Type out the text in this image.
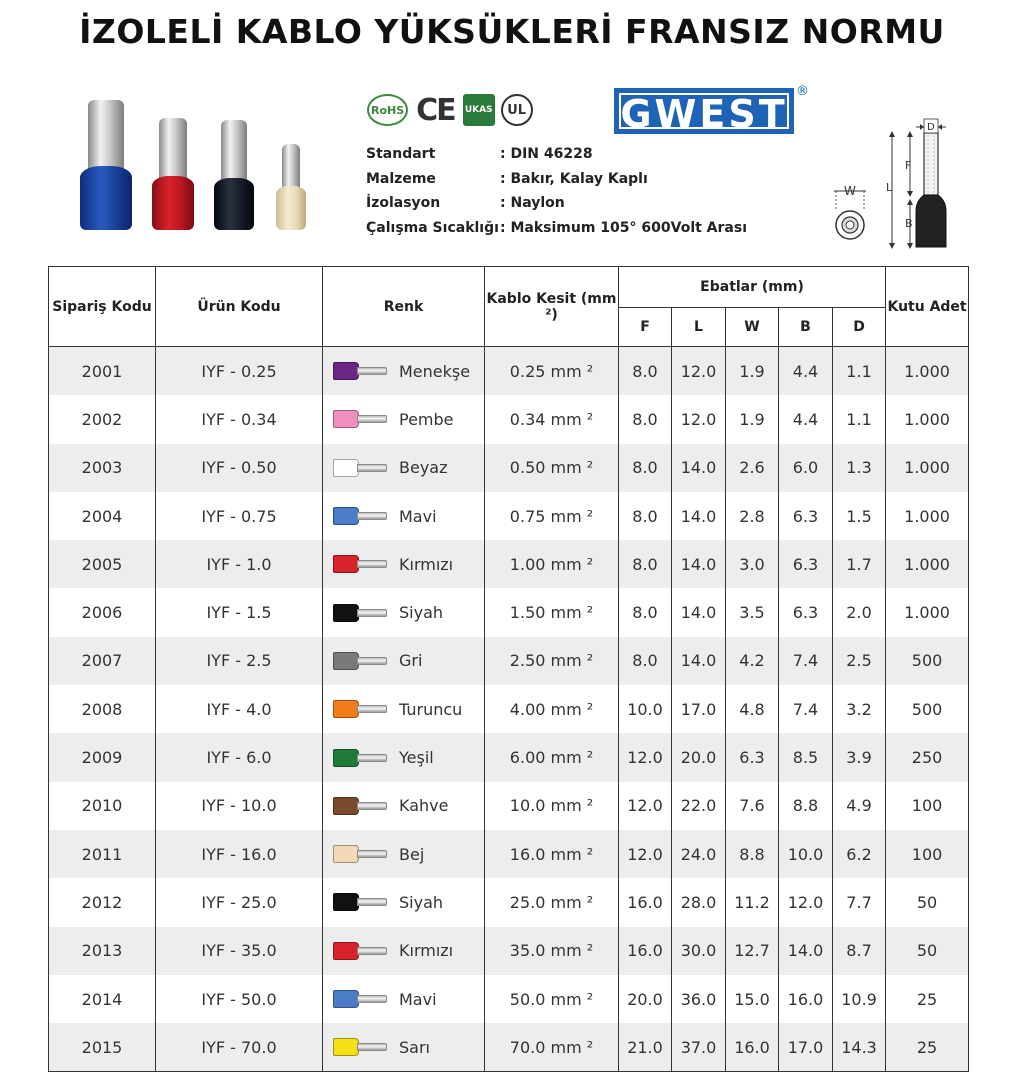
İZOLELİ KABLO YÜKSÜKLERİ FRANSIZ NORMU
RoHS CE UKAS	UL GWEST
®
Standart	: DIN 46228
Malzeme	: Bakır, Kalay Kaplı
İzolasyon	: Naylon
Çalışma Sıcaklığı : Maksimum 105° 600Volt Arası
W	L
F
B
D
Sipariş Kodu	Ürün Kodu	Renk	Kablo Kesit (mm ²)	Ebatlar (mm)					Kutu Adet
				F	L	W	B	D	
2001	IYF - 0.25	Menekşe	0.25 mm ²	8.0	12.0	1.9	4.4	1.1	1.000
2002	IYF - 0.34	Pembe	0.34 mm ²	8.0	12.0	1.9	4.4	1.1	1.000
2003	IYF - 0.50	Beyaz	0.50 mm ²	8.0	14.0	2.6	6.0	1.3	1.000
2004	IYF - 0.75	Mavi	0.75 mm ²	8.0	14.0	2.8	6.3	1.5	1.000
2005	IYF - 1.0	Kırmızı	1.00 mm ²	8.0	14.0	3.0	6.3	1.7	1.000
2006	IYF - 1.5	Siyah	1.50 mm ²	8.0	14.0	3.5	6.3	2.0	1.000
2007	IYF - 2.5	Gri	2.50 mm ²	8.0	14.0	4.2	7.4	2.5	500
2008	IYF - 4.0	Turuncu	4.00 mm ²	10.0	17.0	4.8	7.4	3.2	500
2009	IYF - 6.0	Yeşil	6.00 mm ²	12.0	20.0	6.3	8.5	3.9	250
2010	IYF - 10.0	Kahve	10.0 mm ²	12.0	22.0	7.6	8.8	4.9	100
2011	IYF - 16.0	Bej	16.0 mm ²	12.0	24.0	8.8	10.0	6.2	100
2012	IYF - 25.0	Siyah	25.0 mm ²	16.0	28.0	11.2	12.0	7.7	50
2013	IYF - 35.0	Kırmızı	35.0 mm ²	16.0	30.0	12.7	14.0	8.7	50
2014	IYF - 50.0	Mavi	50.0 mm ²	20.0	36.0	15.0	16.0	10.9	25
2015	IYF - 70.0	Sarı	70.0 mm ²	21.0	37.0	16.0	17.0	14.3	25
